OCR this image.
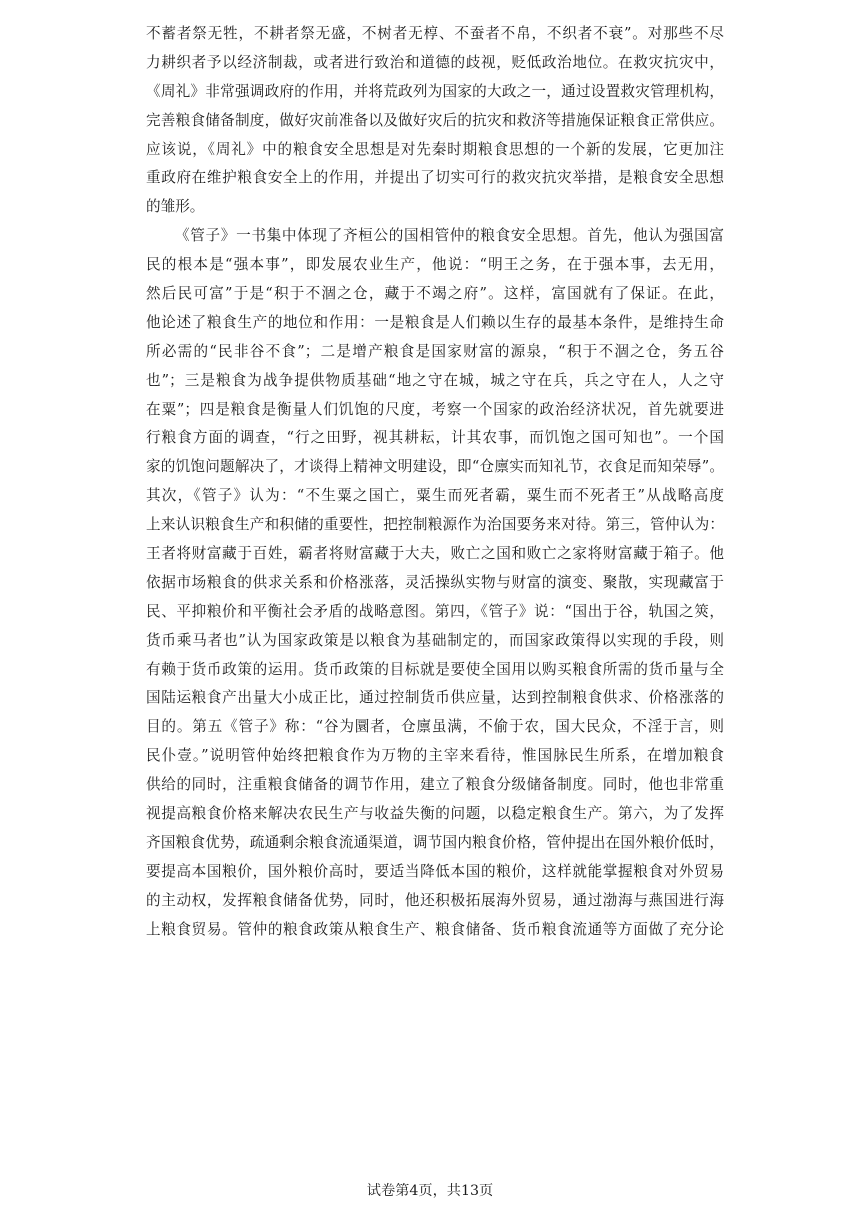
不蓄者祭无牲，不耕者祭无盛，不树者无椁、不蚕者不帛，不织者不衰”。对那些不尽
力耕织者予以经济制裁，或者进行致治和道德的歧视，贬低政治地位。在救灾抗灾中，
《周礼》非常强调政府的作用，并将荒政列为国家的大政之一，通过设置救灾管理机构，
完善粮食储备制度，做好灾前准备以及做好灾后的抗灾和救济等措施保证粮食正常供应。
应该说，《周礼》中的粮食安全思想是对先秦时期粮食思想的一个新的发展，它更加注
重政府在维护粮食安全上的作用，并提出了切实可行的救灾抗灾举措，是粮食安全思想
的雏形。
《管子》一书集中体现了齐桓公的国相管仲的粮食安全思想。首先，他认为强国富
民的根本是“强本事”，即发展农业生产，他说：“明王之务，在于强本事，去无用，
然后民可富”于是“积于不涸之仓，藏于不竭之府”。这样，富国就有了保证。在此，
他论述了粮食生产的地位和作用：一是粮食是人们赖以生存的最基本条件，是维持生命
所必需的“民非谷不食”；二是增产粮食是国家财富的源泉，“积于不涸之仓，务五谷
也”；三是粮食为战争提供物质基础“地之守在城，城之守在兵，兵之守在人，人之守
在粟”；四是粮食是衡量人们饥饱的尺度，考察一个国家的政治经济状况，首先就要进
行粮食方面的调查，“行之田野，视其耕耘，计其农事，而饥饱之国可知也”。一个国
家的饥饱问题解决了，才谈得上精神文明建设，即“仓廪实而知礼节，衣食足而知荣辱”。
其次，《管子》认为：“不生粟之国亡，粟生而死者霸，粟生而不死者王”从战略高度
上来认识粮食生产和积储的重要性，把控制粮源作为治国要务来对待。第三，管仲认为：
王者将财富藏于百姓，霸者将财富藏于大夫，败亡之国和败亡之家将财富藏于箱子。他
依据市场粮食的供求关系和价格涨落，灵活操纵实物与财富的演变、聚散，实现藏富于
民、平抑粮价和平衡社会矛盾的战略意图。第四，《管子》说：“国出于谷，轨国之筴，
货币乘马者也”认为国家政策是以粮食为基础制定的，而国家政策得以实现的手段，则
有赖于货币政策的运用。货币政策的目标就是要使全国用以购买粮食所需的货币量与全
国陆运粮食产出量大小成正比，通过控制货币供应量，达到控制粮食供求、价格涨落的
目的。第五《管子》称：“谷为圜者，仓廪虽满，不偷于农，国大民众，不淫于言，则
民仆壹。”说明管仲始终把粮食作为万物的主宰来看待，惟国脉民生所系，在增加粮食
供给的同时，注重粮食储备的调节作用，建立了粮食分级储备制度。同时，他也非常重
视提高粮食价格来解决农民生产与收益失衡的问题，以稳定粮食生产。第六，为了发挥
齐国粮食优势，疏通剩余粮食流通渠道，调节国内粮食价格，管仲提出在国外粮价低时，
要提高本国粮价，国外粮价高时，要适当降低本国的粮价，这样就能掌握粮食对外贸易
的主动权，发挥粮食储备优势，同时，他还积极拓展海外贸易，通过渤海与燕国进行海
上粮食贸易。管仲的粮食政策从粮食生产、粮食储备、货币粮食流通等方面做了充分论
试卷第4页，共13页
